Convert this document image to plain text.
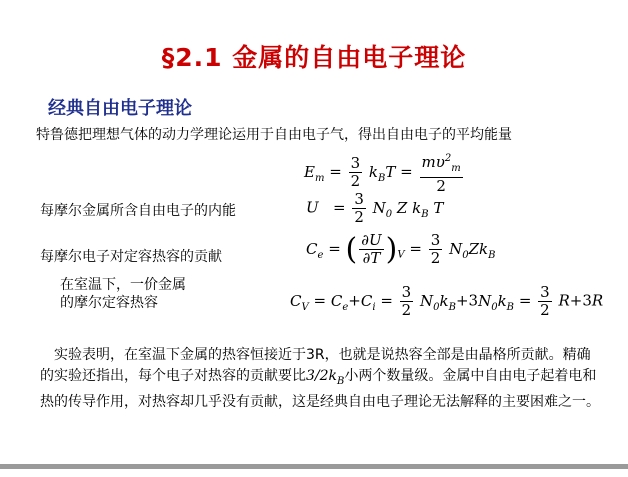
§2.1 金属的自由电子理论
经典自由电子理论
特鲁德把理想气体的动力学理论运用于自由电子气，得出自由电子的平均能量
$E_m = \frac{3}{2} k_BT = \frac{m\upsilon^2_m}{2}$
每摩尔金属所含自由电子的内能	$U = \frac{3}{2} N_0$ Z $k_B$ T
每摩尔电子对定容热容的贡献	$C_e$ = ( $\frac{\partial U}{\partial T} )_V = \frac{3}{2} N_0Zk_B$
在室温下，一价金属
的摩尔定容热容	$C_V = C_e+C_i = \frac{3}{2} N_0k_B+3N_0k_B = \frac{3}{2} R+3R$
实验表明，在室温下金属的热容恒接近于3R，也就是说热容全部是由晶格所贡献。精确的实验还指出，每个电子对热容的贡献要比$3/2k_B$小两个数量级。金属中自由电子起着电和热的传导作用，对热容却几乎没有贡献，这是经典自由电子理论无法解释的主要困难之一。
